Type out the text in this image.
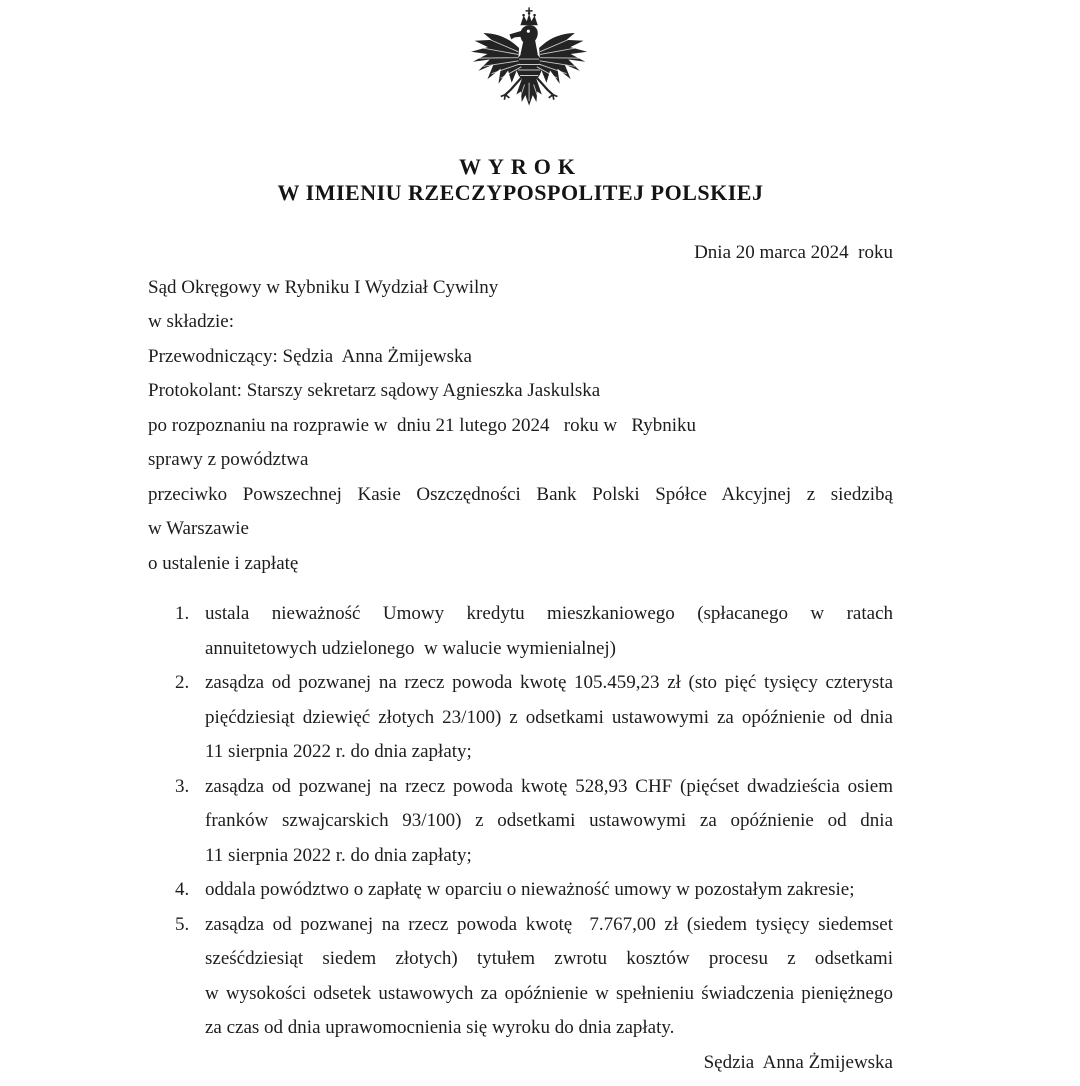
WYROK
W IMIENIU RZECZYPOSPOLITEJ POLSKIEJ
Dnia 20 marca 2024  roku
Sąd Okręgowy w Rybniku I Wydział Cywilny
w składzie:
Przewodniczący: Sędzia  Anna Żmijewska
Protokolant: Starszy sekretarz sądowy Agnieszka Jaskulska
po rozpoznaniu na rozprawie w  dniu 21 lutego 2024   roku w   Rybniku
sprawy z powództwa
przeciwko Powszechnej Kasie Oszczędności Bank Polski Spółce Akcyjnej z siedzibą
w Warszawie
o ustalenie i zapłatę
1. ustala nieważność Umowy kredytu mieszkaniowego (spłacanego w ratach
annuitetowych udzielonego  w walucie wymienialnej)
2. zasądza od pozwanej na rzecz powoda kwotę 105.459,23 zł (sto pięć tysięcy czterysta
pięćdziesiąt dziewięć złotych 23/100) z odsetkami ustawowymi za opóźnienie od dnia
11 sierpnia 2022 r. do dnia zapłaty;
3. zasądza od pozwanej na rzecz powoda kwotę 528,93 CHF (pięćset dwadzieścia osiem
franków szwajcarskich 93/100) z odsetkami ustawowymi za opóźnienie od dnia
11 sierpnia 2022 r. do dnia zapłaty;
4. oddala powództwo o zapłatę w oparciu o nieważność umowy w pozostałym zakresie;
5. zasądza od pozwanej na rzecz powoda kwotę  7.767,00 zł (siedem tysięcy siedemset
sześćdziesiąt siedem złotych) tytułem zwrotu kosztów procesu z odsetkami
w wysokości odsetek ustawowych za opóźnienie w spełnieniu świadczenia pieniężnego
za czas od dnia uprawomocnienia się wyroku do dnia zapłaty.
Sędzia  Anna Żmijewska
